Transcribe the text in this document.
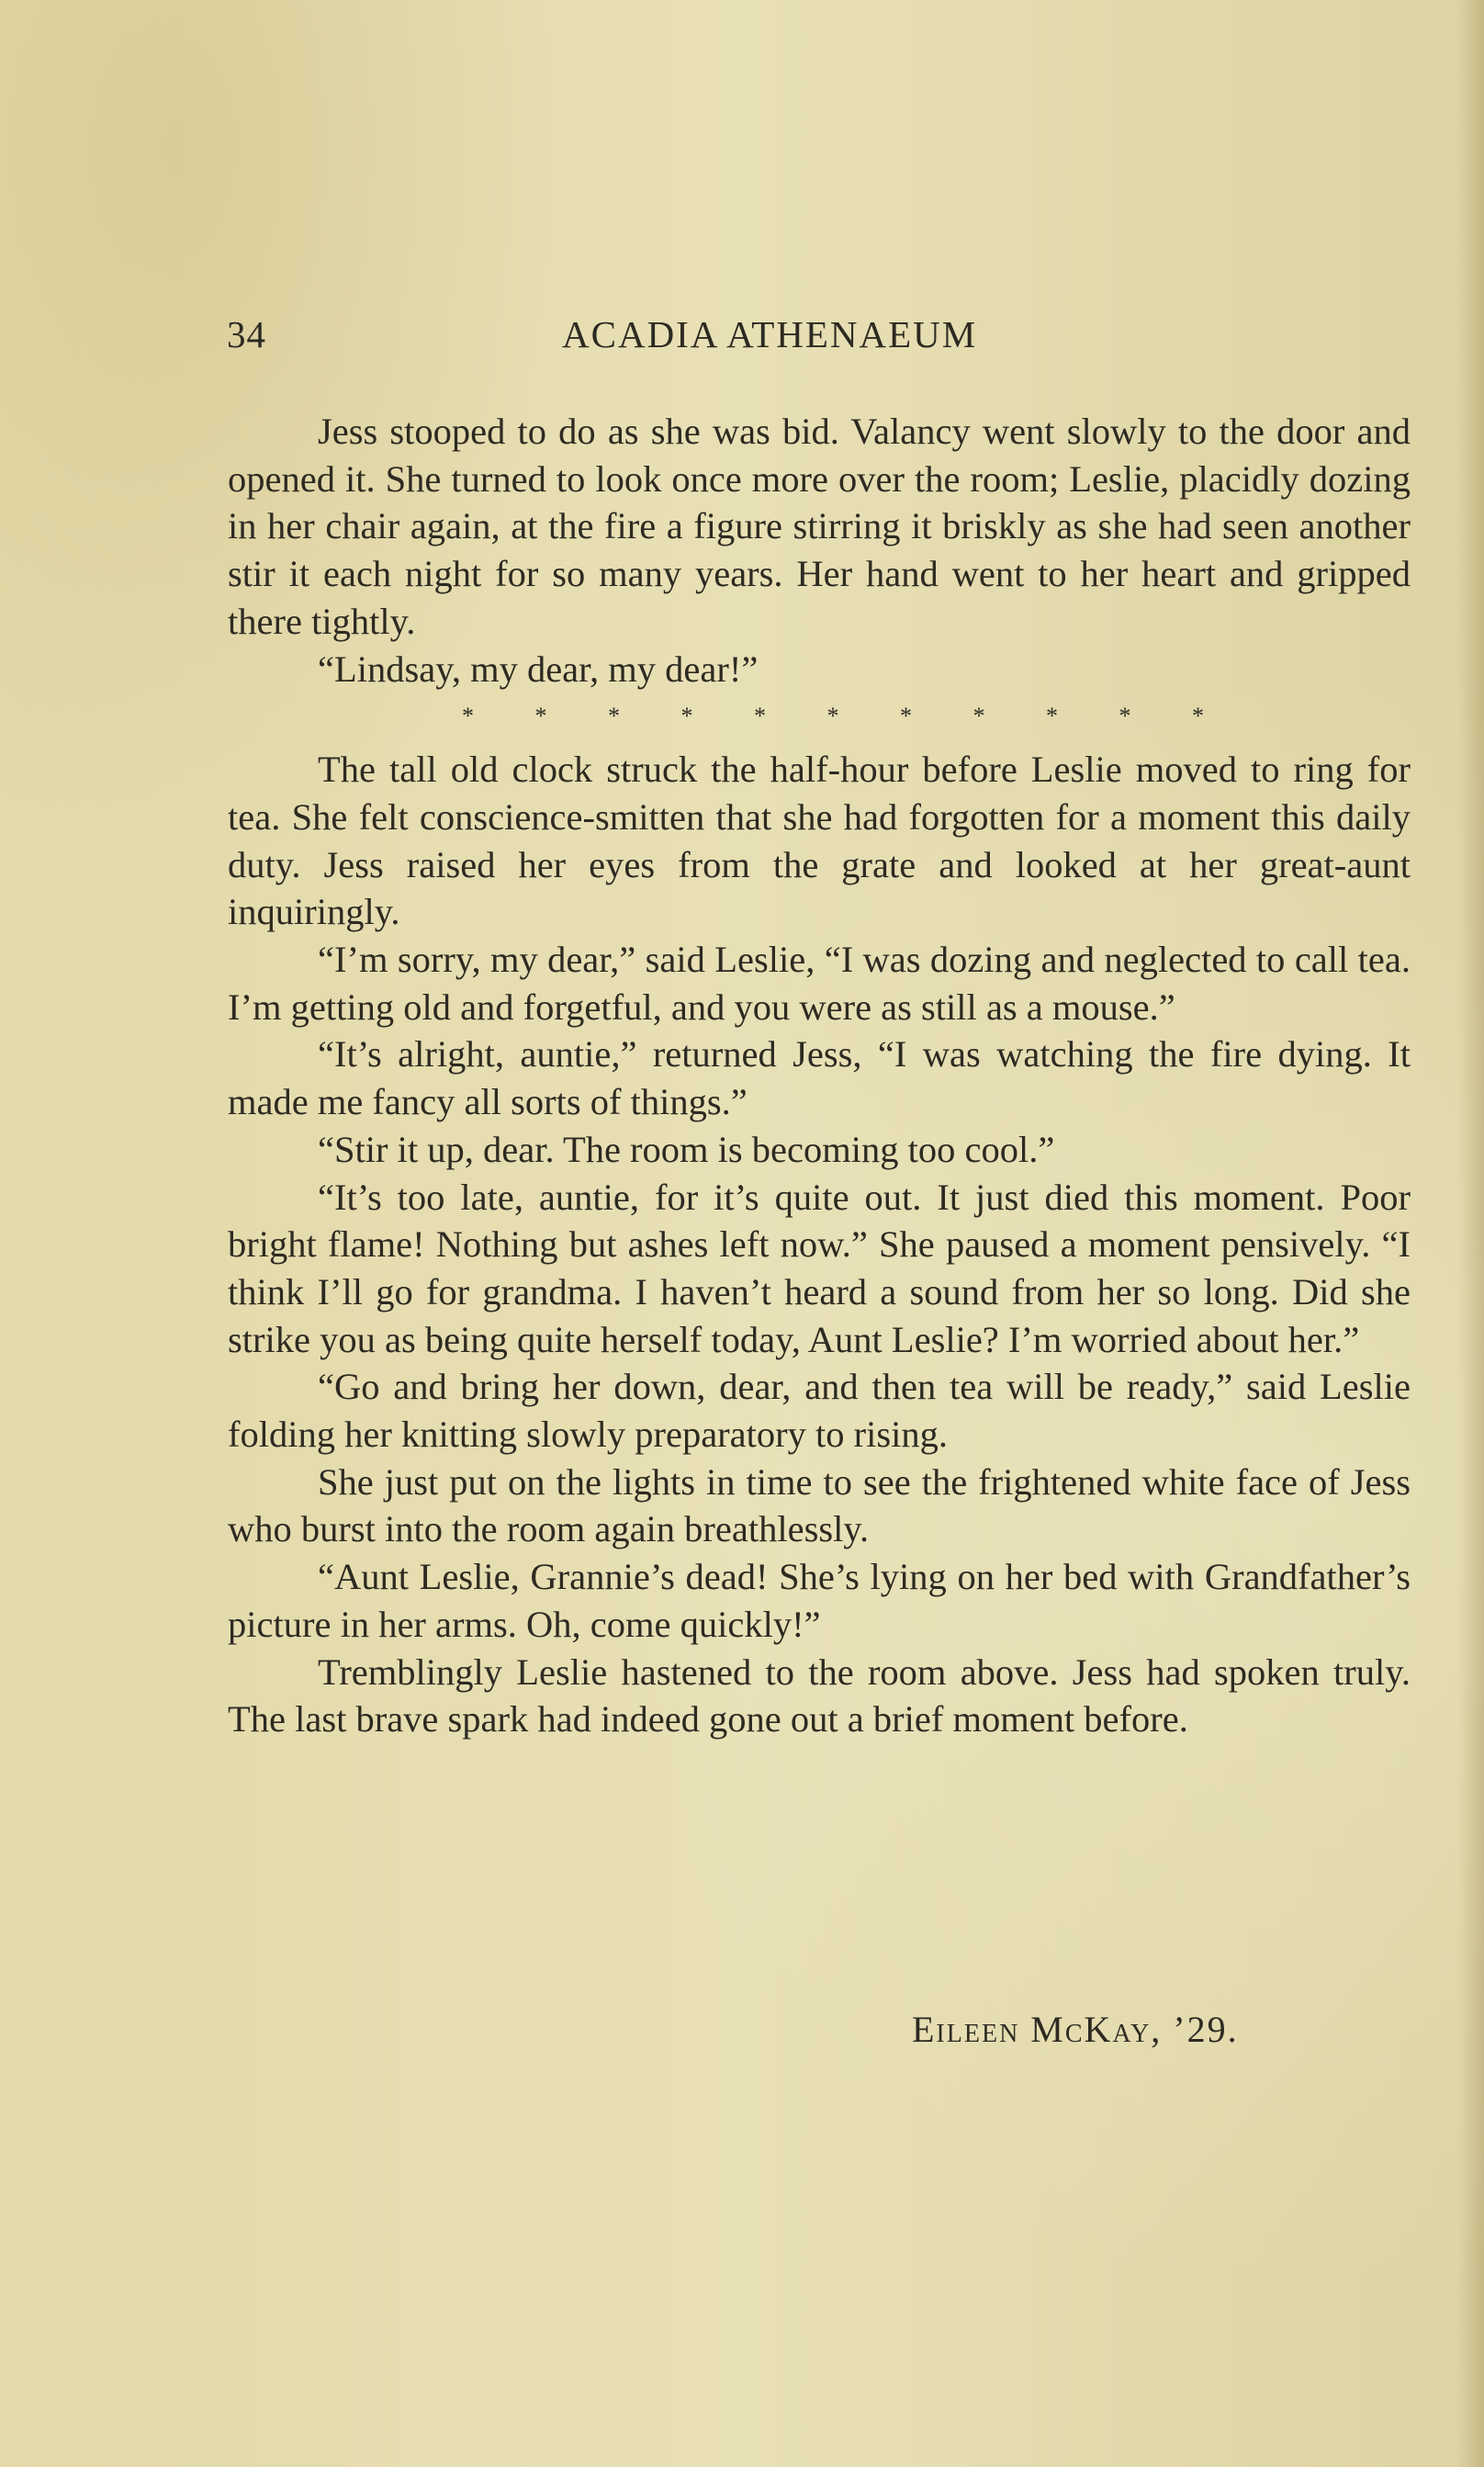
34	ACADIA ATHENAEUM

Jess stooped to do as she was bid. Valancy went slowly to the door and opened it. She turned to look once more over the room; Leslie, placidly dozing in her chair again, at the fire a figure stirring it briskly as she had seen another stir it each night for so many years. Her hand went to her heart and gripped there tightly.

“Lindsay, my dear, my dear!”

* * * * * * * * * * *

The tall old clock struck the half-hour before Leslie moved to ring for tea. She felt conscience-smitten that she had forgotten for a moment this daily duty. Jess raised her eyes from the grate and looked at her great-aunt inquiringly.

“I’m sorry, my dear,” said Leslie, “I was dozing and neglected to call tea. I’m getting old and forgetful, and you were as still as a mouse.”

“It’s alright, auntie,” returned Jess, “I was watching the fire dying. It made me fancy all sorts of things.”

“Stir it up, dear. The room is becoming too cool.”

“It’s too late, auntie, for it’s quite out. It just died this moment. Poor bright flame! Nothing but ashes left now.” She paused a moment pensively. “I think I’ll go for grandma. I haven’t heard a sound from her so long. Did she strike you as being quite herself today, Aunt Leslie? I’m worried about her.”

“Go and bring her down, dear, and then tea will be ready,” said Leslie folding her knitting slowly preparatory to rising.

She just put on the lights in time to see the frightened white face of Jess who burst into the room again breathlessly.

“Aunt Leslie, Grannie’s dead! She’s lying on her bed with Grandfather’s picture in her arms. Oh, come quickly!”

Tremblingly Leslie hastened to the room above. Jess had spoken truly. The last brave spark had indeed gone out a brief moment before.

Eileen McKay, ’29.
